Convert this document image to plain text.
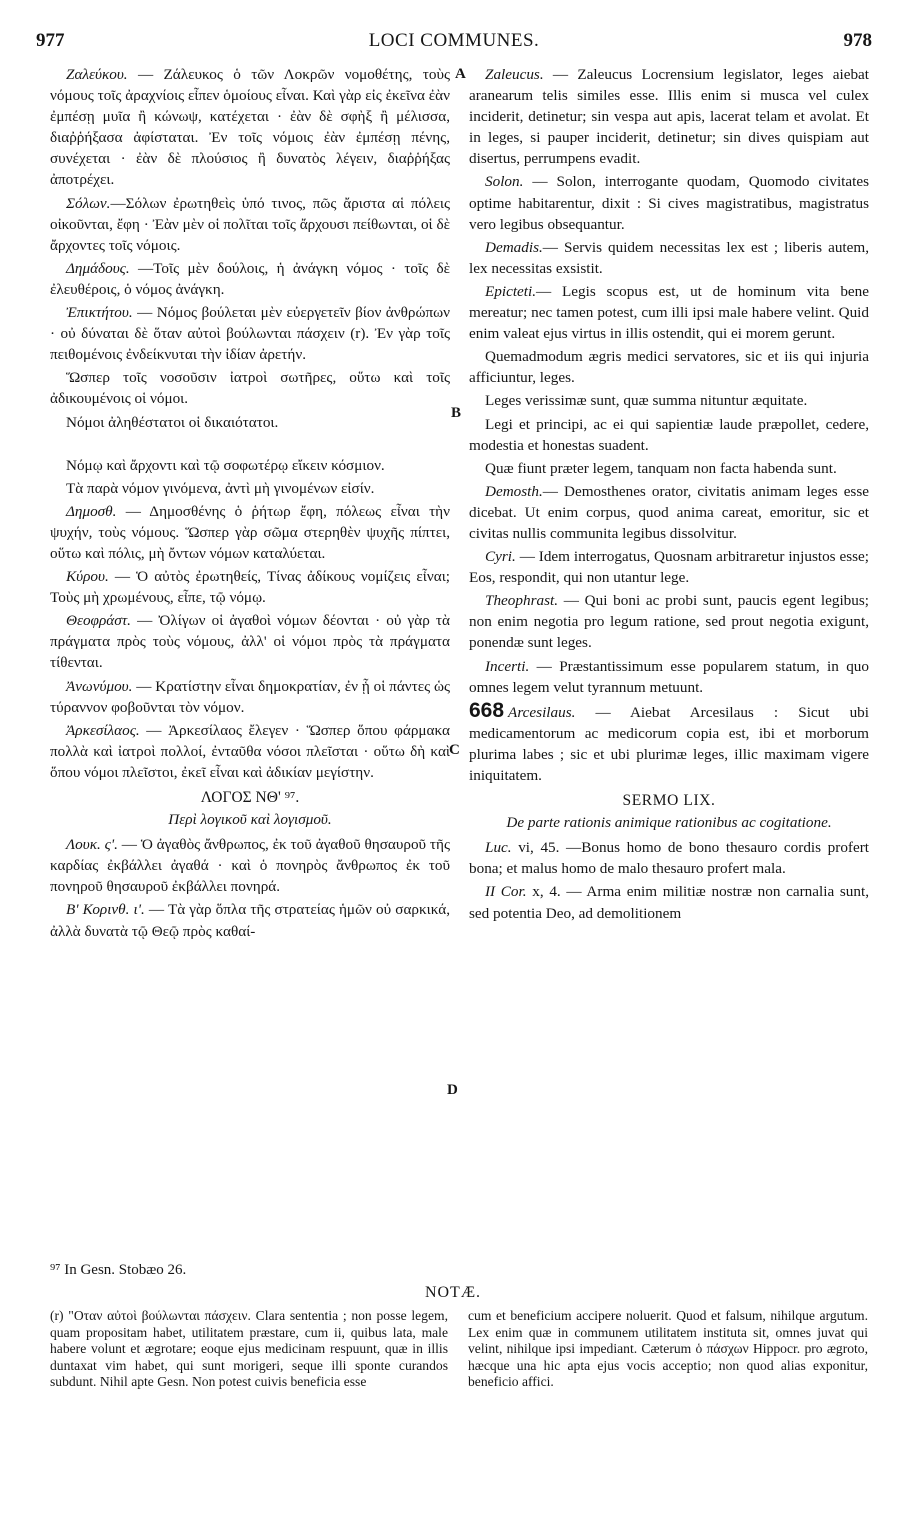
977	LOCI COMMUNES.	978

Ζαλεύκου. — Ζάλευκος ὁ τῶν Λοκρῶν νομοθέτης, τοὺς νόμους τοῖς ἀραχνίοις εἶπεν ὁμοίους εἶναι. Καὶ γὰρ εἰς ἐκεῖνα ἐὰν ἐμπέσῃ μυῖα ἢ κώνωψ, κατέχεται · ἐὰν δὲ σφὴξ ἢ μέλισσα, διαῤῥήξασα ἀφίσταται. Ἐν τοῖς νόμοις ἐὰν ἐμπέσῃ πένης, συνέχεται · ἐὰν δὲ πλούσιος ἢ δυνατὸς λέγειν, διαῤῥήξας ἀποτρέχει.

Σόλων.—Σόλων ἐρωτηθεὶς ὑπό τινος, πῶς ἄριστα αἱ πόλεις οἰκοῦνται, ἔφη · Ἐὰν μὲν οἱ πολῖται τοῖς ἄρχουσι πείθωνται, οἱ δὲ ἄρχοντες τοῖς νόμοις.

Δημάδους. —Τοῖς μὲν δούλοις, ἡ ἀνάγκη νόμος · τοῖς δὲ ἐλευθέροις, ὁ νόμος ἀνάγκη.

Ἐπικτήτου. — Νόμος βούλεται μὲν εὐεργετεῖν βίον ἀνθρώπων · οὐ δύναται δὲ ὅταν αὐτοὶ βούλωνται πάσχειν (r). Ἐν γὰρ τοῖς πειθομένοις ἐνδείκνυται τὴν ἰδίαν ἀρετήν.

Ὥσπερ τοῖς νοσοῦσιν ἰατροὶ σωτῆρες, οὕτω καὶ τοῖς ἀδικουμένοις οἱ νόμοι.

Νόμοι ἀληθέστατοι οἱ δικαιότατοι.

Νόμῳ καὶ ἄρχοντι καὶ τῷ σοφωτέρῳ εἴκειν κόσμιον.

Τὰ παρὰ νόμον γινόμενα, ἀντὶ μὴ γινομένων εἰσίν.

Δημοσθ. — Δημοσθένης ὁ ῥήτωρ ἔφη, πόλεως εἶναι τὴν ψυχήν, τοὺς νόμους. Ὥσπερ γὰρ σῶμα στερηθὲν ψυχῆς πίπτει, οὕτω καὶ πόλις, μὴ ὄντων νόμων καταλύεται.

Κύρου. — Ὁ αὐτὸς ἐρωτηθείς, Τίνας ἀδίκους νομίζεις εἶναι; Τοὺς μὴ χρωμένους, εἶπε, τῷ νόμῳ.

Θεοφράστ. — Ὀλίγων οἱ ἀγαθοὶ νόμων δέονται · οὐ γὰρ τὰ πράγματα πρὸς τοὺς νόμους, ἀλλ' οἱ νόμοι πρὸς τὰ πράγματα τίθενται.

Ἀνωνύμου. — Κρατίστην εἶναι δημοκρατίαν, ἐν ᾗ οἱ πάντες ὡς τύραννον φοβοῦνται τὸν νόμον.

Ἀρκεσίλαος. — Ἀρκεσίλαος ἔλεγεν · Ὥσπερ ὅπου φάρμακα πολλὰ καὶ ἰατροὶ πολλοί, ἐνταῦθα νόσοι πλεῖσται · οὕτω δὴ καὶ ὅπου νόμοι πλεῖστοι, ἐκεῖ εἶναι καὶ ἀδικίαν μεγίστην.

ΛΟΓΟΣ ΝΘ' ⁹⁷.
Περὶ λογικοῦ καὶ λογισμοῦ.

Λουκ. ς'. — Ὁ ἀγαθὸς ἄνθρωπος, ἐκ τοῦ ἀγαθοῦ θησαυροῦ τῆς καρδίας ἐκβάλλει ἀγαθά · καὶ ὁ πονηρὸς ἄνθρωπος ἐκ τοῦ πονηροῦ θησαυροῦ ἐκβάλλει πονηρά.

Β' Κορινθ. ι'. — Τὰ γὰρ ὅπλα τῆς στρατείας ἡμῶν οὐ σαρκικά, ἀλλὰ δυνατὰ τῷ Θεῷ πρὸς καθαί-

A
B
C
D

Zaleucus. — Zaleucus Locrensium legislator, leges aiebat aranearum telis similes esse. Illis enim si musca vel culex inciderit, detinetur; sin vespa aut apis, lacerat telam et avolat. Et in leges, si pauper inciderit, detinetur; sin dives quispiam aut disertus, perrumpens evadit.

Solon. — Solon, interrogante quodam, Quomodo civitates optime habitarentur, dixit : Si cives magistratibus, magistratus vero legibus obsequantur.

Demadis.— Servis quidem necessitas lex est ; liberis autem, lex necessitas exsistit.

Epicteti.— Legis scopus est, ut de hominum vita bene mereatur; nec tamen potest, cum illi ipsi male habere velint. Quid enim valeat ejus virtus in illis ostendit, qui ei morem gerunt.

Quemadmodum ægris medici servatores, sic et iis qui injuria afficiuntur, leges.

Leges verissimæ sunt, quæ summa nituntur æquitate.

Legi et principi, ac ei qui sapientiæ laude præpollet, cedere, modestia et honestas suadent.

Quæ fiunt præter legem, tanquam non facta habenda sunt.

Demosth.— Demosthenes orator, civitatis animam leges esse dicebat. Ut enim corpus, quod anima careat, emoritur, sic et civitas nullis communita legibus dissolvitur.

Cyri. — Idem interrogatus, Quosnam arbitraretur injustos esse; Eos, respondit, qui non utantur lege.

Theophrast. — Qui boni ac probi sunt, paucis egent legibus; non enim negotia pro legum ratione, sed prout negotia exigunt, ponendæ sunt leges.

Incerti. — Præstantissimum esse popularem statum, in quo omnes legem velut tyrannum metuunt.

668 Arcesilaus. — Aiebat Arcesilaus : Sicut ubi medicamentorum ac medicorum copia est, ibi et morborum plurima labes ; sic et ubi plurimæ leges, illic maximam vigere iniquitatem.

SERMO LIX.
De parte rationis animique rationibus ac cogitatione.

Luc. vi, 45. —Bonus homo de bono thesauro cordis profert bona; et malus homo de malo thesauro profert mala.

II Cor. x, 4. — Arma enim militiæ nostræ non carnalia sunt, sed potentia Deo, ad demolitionem

⁹⁷ In Gesn. Stobæo 26.
NOTÆ.

(r) "Οταν αὐτοὶ βούλωνται πάσχειν. Clara sententia ; non posse legem, quam propositam habet, utilitatem præstare, cum ii, quibus lata, male habere volunt et ægrotare; eoque ejus medicinam respuunt, quæ in illis duntaxat vim habet, qui sunt morigeri, seque illi sponte curandos subdunt. Nihil apte Gesn. Non potest cuivis beneficia esse

cum et beneficium accipere noluerit. Quod et falsum, nihilque argutum. Lex enim quæ in communem utilitatem instituta sit, omnes juvat qui velint, nihilque ipsi impediant. Cæterum ὁ πάσχων Hippocr. pro ægroto, hæcque una hic apta ejus vocis acceptio; non quod alias exponitur, beneficio affici.
